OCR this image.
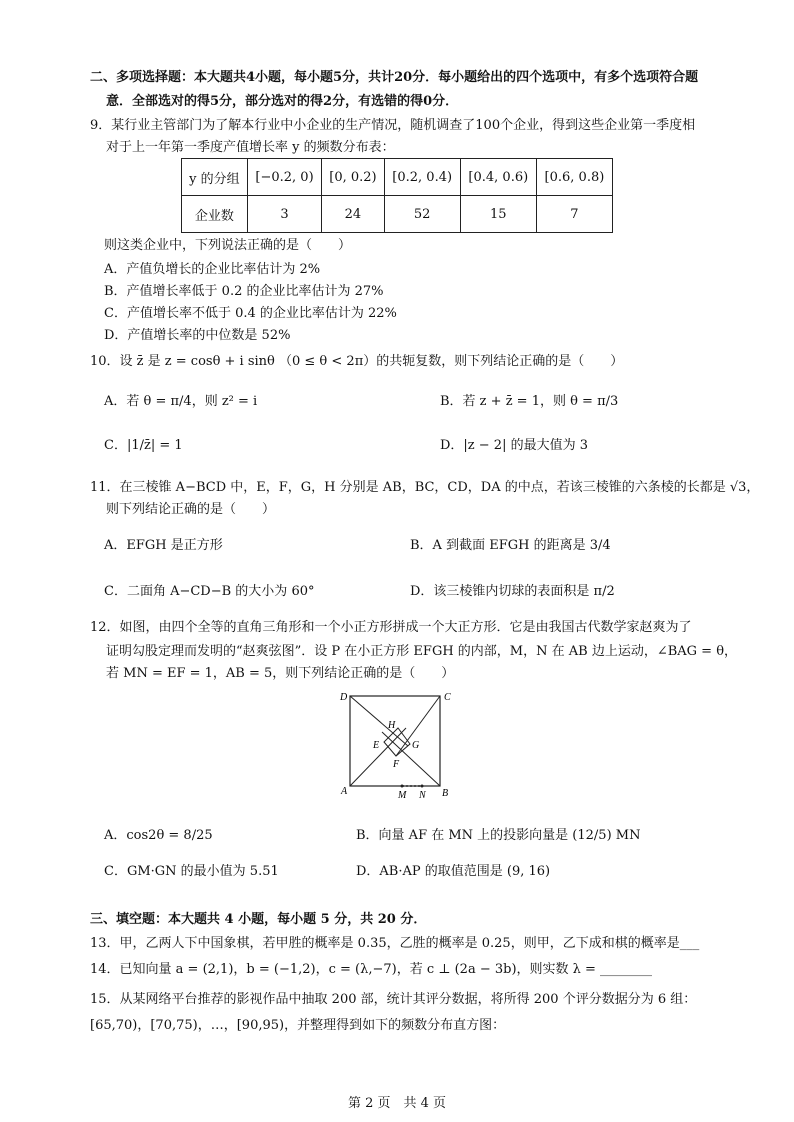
二、多项选择题：本大题共4小题，每小题5分，共计20分．每小题给出的四个选项中，有多个选项符合题
意．全部选对的得5分，部分选对的得2分，有选错的得0分．
9．某行业主管部门为了解本行业中小企业的生产情况，随机调查了100个企业，得到这些企业第一季度相
对于上一年第一季度产值增长率 y 的频数分布表：
y 的分组	[−0.2, 0)	[0, 0.2)	[0.2, 0.4)	[0.4, 0.6)	[0.6, 0.8)
企业数	3	24	52	15	7
则这类企业中，下列说法正确的是（　　）
A．产值负增长的企业比率估计为 2%
B．产值增长率低于 0.2 的企业比率估计为 27%
C．产值增长率不低于 0.4 的企业比率估计为 22%
D．产值增长率的中位数是 52%
10．设 z̄ 是 z = cosθ + i sinθ （0 ≤ θ < 2π）的共轭复数，则下列结论正确的是（　　）
A．若 θ = π/4，则 z² = i	B．若 z + z̄ = 1，则 θ = π/3
C．|1/z̄| = 1	D．|z − 2| 的最大值为 3
11．在三棱锥 A−BCD 中，E，F，G，H 分别是 AB，BC，CD，DA 的中点，若该三棱锥的六条棱的长都是 √3，
则下列结论正确的是（　　）
A．EFGH 是正方形	B．A 到截面 EFGH 的距离是 3/4
C．二面角 A−CD−B 的大小为 60°	D．该三棱锥内切球的表面积是 π/2
12．如图，由四个全等的直角三角形和一个小正方形拼成一个大正方形．它是由我国古代数学家赵爽为了
证明勾股定理而发明的“赵爽弦图”．设 P 在小正方形 EFGH 的内部，M，N 在 AB 边上运动，∠BAG = θ，
若 MN = EF = 1，AB = 5，则下列结论正确的是（　　）
D	C
A	B
H
E	G
F
M N
A．cos2θ = 8/25	B．向量 AF 在 MN 上的投影向量是 (12/5) MN
C．GM·GN 的最小值为 5.51	D．AB·AP 的取值范围是 (9, 16)
三、填空题：本大题共 4 小题，每小题 5 分，共 20 分．
13．甲，乙两人下中国象棋，若甲胜的概率是 0.35，乙胜的概率是 0.25，则甲，乙下成和棋的概率是___
14．已知向量 a = (2,1)，b = (−1,2)，c = (λ,−7)，若 c ⊥ (2a − 3b)，则实数 λ = ________
15．从某网络平台推荐的影视作品中抽取 200 部，统计其评分数据，将所得 200 个评分数据分为 6 组：
[65,70)，[70,75)，…，[90,95)，并整理得到如下的频数分布直方图：
第 2 页　共 4 页
